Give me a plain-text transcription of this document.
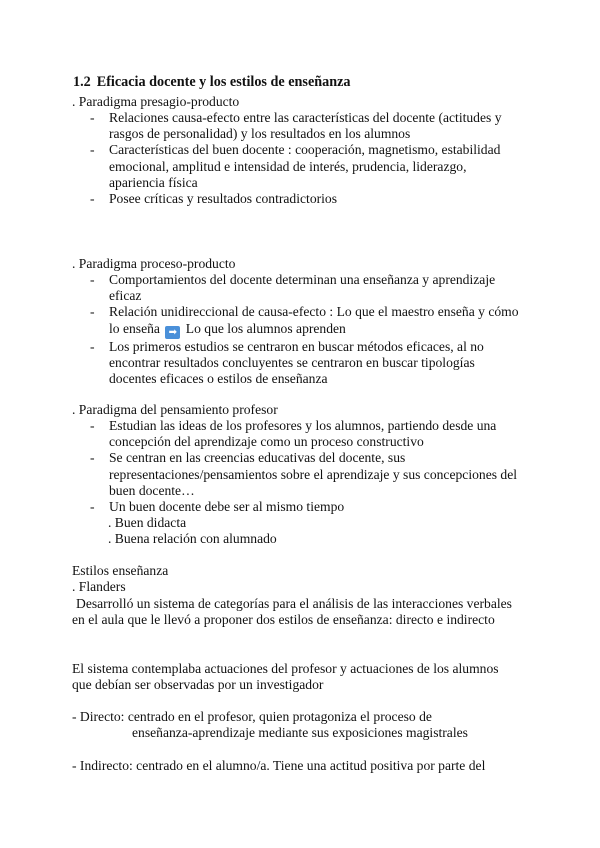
1.2 Eficacia docente y los estilos de enseñanza
. Paradigma presagio-producto
- Relaciones causa-efecto entre las características del docente (actitudes y rasgos de personalidad) y los resultados en los alumnos
- Características del buen docente : cooperación, magnetismo, estabilidad emocional, amplitud e intensidad de interés, prudencia, liderazgo, apariencia física
- Posee críticas y resultados contradictorios
. Paradigma proceso-producto
- Comportamientos del docente determinan una enseñanza y aprendizaje eficaz
- Relación unidireccional de causa-efecto : Lo que el maestro enseña y cómo lo enseña ➡ Lo que los alumnos aprenden
- Los primeros estudios se centraron en buscar métodos eficaces, al no encontrar resultados concluyentes se centraron en buscar tipologías docentes eficaces o estilos de enseñanza
. Paradigma del pensamiento profesor
- Estudian las ideas de los profesores y los alumnos, partiendo desde una concepción del aprendizaje como un proceso constructivo
- Se centran en las creencias educativas del docente, sus representaciones/pensamientos sobre el aprendizaje y sus concepciones del buen docente…
- Un buen docente debe ser al mismo tiempo
. Buen didacta
. Buena relación con alumnado
Estilos enseñanza
. Flanders
Desarrolló un sistema de categorías para el análisis de las interacciones verbales en el aula que le llevó a proponer dos estilos de enseñanza: directo e indirecto
El sistema contemplaba actuaciones del profesor y actuaciones de los alumnos que debían ser observadas por un investigador
- Directo: centrado en el profesor, quien protagoniza el proceso de
enseñanza-aprendizaje mediante sus exposiciones magistrales
- Indirecto: centrado en el alumno/a. Tiene una actitud positiva por parte del
